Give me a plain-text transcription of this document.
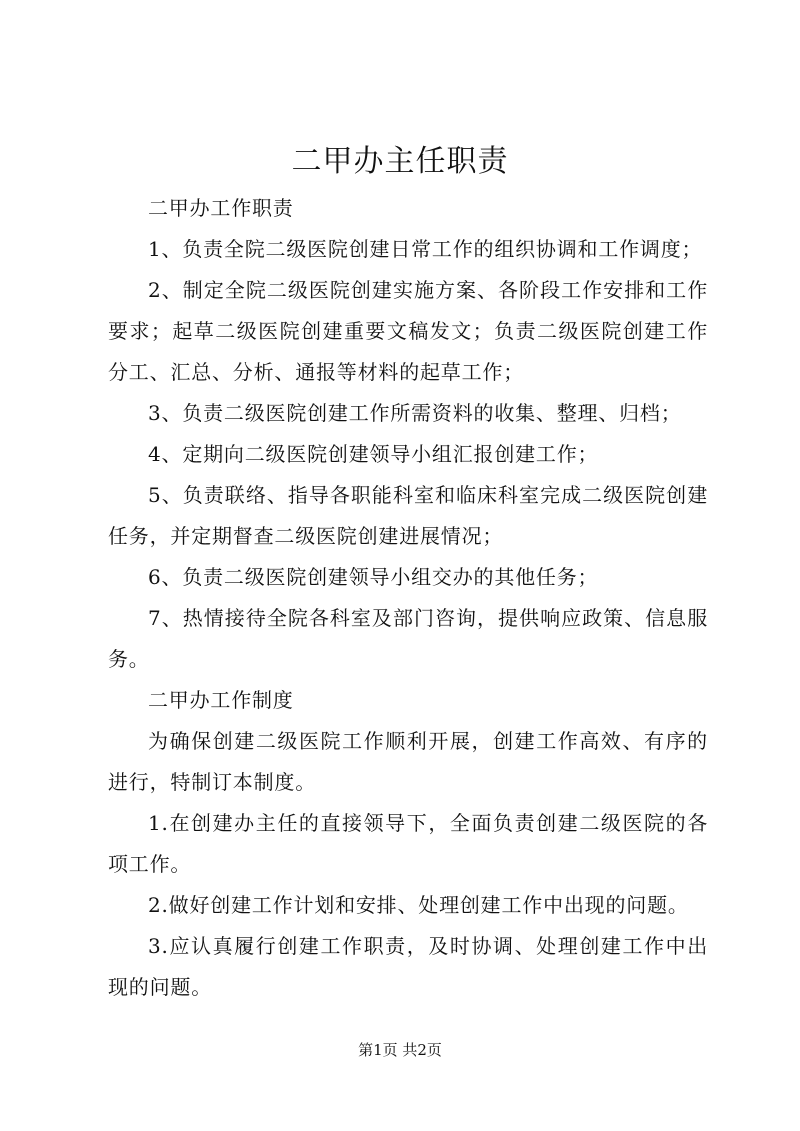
二甲办主任职责

二甲办工作职责

1、负责全院二级医院创建日常工作的组织协调和工作调度；

2、制定全院二级医院创建实施方案、各阶段工作安排和工作要求；起草二级医院创建重要文稿发文；负责二级医院创建工作分工、汇总、分析、通报等材料的起草工作；

3、负责二级医院创建工作所需资料的收集、整理、归档；

4、定期向二级医院创建领导小组汇报创建工作；

5、负责联络、指导各职能科室和临床科室完成二级医院创建任务，并定期督查二级医院创建进展情况；

6、负责二级医院创建领导小组交办的其他任务；

7、热情接待全院各科室及部门咨询，提供响应政策、信息服务。

二甲办工作制度

为确保创建二级医院工作顺利开展，创建工作高效、有序的进行，特制订本制度。

1.在创建办主任的直接领导下，全面负责创建二级医院的各项工作。

2.做好创建工作计划和安排、处理创建工作中出现的问题。

3.应认真履行创建工作职责，及时协调、处理创建工作中出现的问题。

第1页 共2页
